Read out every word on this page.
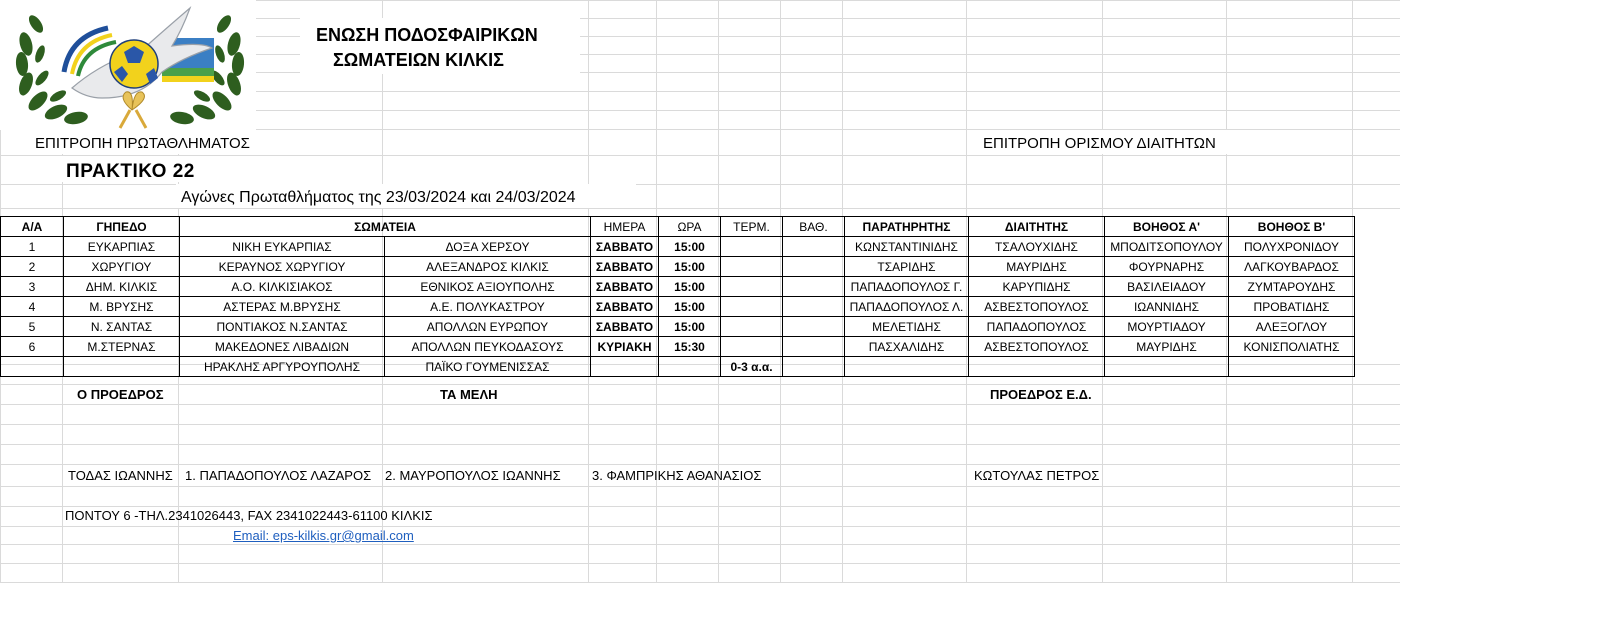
ΕΝΩΣΗ ΠΟΔΟΣΦΑΙΡΙΚΩΝ
ΣΩΜΑΤΕΙΩΝ ΚΙΛΚΙΣ
ΕΠΙΤΡΟΠΗ ΠΡΩΤΑΘΛΗΜΑΤΟΣ	ΕΠΙΤΡΟΠΗ ΟΡΙΣΜΟΥ ΔΙΑΙΤΗΤΩΝ
ΠΡΑΚΤΙΚΟ 22
Αγώνες Πρωταθλήματος της 23/03/2024 και 24/03/2024
Α/Α	ΓΗΠΕΔΟ	ΣΩΜΑΤΕΙΑ		ΗΜΕΡΑ	ΩΡΑ	ΤΕΡΜ.	ΒΑΘ.	ΠΑΡΑΤΗΡΗΤΗΣ	ΔΙΑΙΤΗΤΗΣ	ΒΟΗΘΟΣ Α'	ΒΟΗΘΟΣ Β'
1	ΕΥΚΑΡΠΙΑΣ	ΝΙΚΗ ΕΥΚΑΡΠΙΑΣ	ΔΟΞΑ ΧΕΡΣΟΥ	ΣΑΒΒΑΤΟ	15:00			ΚΩΝΣΤΑΝΤΙΝΙΔΗΣ	ΤΣΑΛΟΥΧΙΔΗΣ	ΜΠΟΔΙΤΣΟΠΟΥΛΟΥ	ΠΟΛΥΧΡΟΝΙΔΟΥ
2	ΧΩΡΥΓΙΟΥ	ΚΕΡΑΥΝΟΣ ΧΩΡΥΓΙΟΥ	ΑΛΕΞΑΝΔΡΟΣ ΚΙΛΚΙΣ	ΣΑΒΒΑΤΟ	15:00			ΤΣΑΡΙΔΗΣ	ΜΑΥΡΙΔΗΣ	ΦΟΥΡΝΑΡΗΣ	ΛΑΓΚΟΥΒΑΡΔΟΣ
3	ΔΗΜ. ΚΙΛΚΙΣ	Α.Ο. ΚΙΛΚΙΣΙΑΚΟΣ	ΕΘΝΙΚΟΣ ΑΞΙΟΥΠΟΛΗΣ	ΣΑΒΒΑΤΟ	15:00			ΠΑΠΑΔΟΠΟΥΛΟΣ Γ.	ΚΑΡΥΠΙΔΗΣ	ΒΑΣΙΛΕΙΑΔΟΥ	ΖΥΜΤΑΡΟΥΔΗΣ
4	Μ. ΒΡΥΣΗΣ	ΑΣΤΕΡΑΣ Μ.ΒΡΥΣΗΣ	Α.Ε. ΠΟΛΥΚΑΣΤΡΟΥ	ΣΑΒΒΑΤΟ	15:00			ΠΑΠΑΔΟΠΟΥΛΟΣ Λ.	ΑΣΒΕΣΤΟΠΟΥΛΟΣ	ΙΩΑΝΝΙΔΗΣ	ΠΡΟΒΑΤΙΔΗΣ
5	Ν. ΣΑΝΤΑΣ	ΠΟΝΤΙΑΚΟΣ Ν.ΣΑΝΤΑΣ	ΑΠΟΛΛΩΝ ΕΥΡΩΠΟΥ	ΣΑΒΒΑΤΟ	15:00			ΜΕΛΕΤΙΔΗΣ	ΠΑΠΑΔΟΠΟΥΛΟΣ	ΜΟΥΡΤΙΑΔΟΥ	ΑΛΕΞΟΓΛΟΥ
6	Μ.ΣΤΕΡΝΑΣ	ΜΑΚΕΔΟΝΕΣ ΛΙΒΑΔΙΩΝ	ΑΠΟΛΛΩΝ ΠΕΥΚΟΔΑΣΟΥΣ	ΚΥΡΙΑΚΗ	15:30			ΠΑΣΧΑΛΙΔΗΣ	ΑΣΒΕΣΤΟΠΟΥΛΟΣ	ΜΑΥΡΙΔΗΣ	ΚΟΝΙΣΠΟΛΙΑΤΗΣ
		ΗΡΑΚΛΗΣ ΑΡΓΥΡΟΥΠΟΛΗΣ	ΠΑΪΚΟ ΓΟΥΜΕΝΙΣΣΑΣ			0-3 α.α.					
Ο ΠΡΟΕΔΡΟΣ	ΤΑ ΜΕΛΗ	ΠΡΟΕΔΡΟΣ Ε.Δ.
ΤΟΔΑΣ ΙΩΑΝΝΗΣ 1. ΠΑΠΑΔΟΠΟΥΛΟΣ ΛΑΖΑΡΟΣ 2. ΜΑΥΡΟΠΟΥΛΟΣ ΙΩΑΝΝΗΣ 3. ΦΑΜΠΡΙΚΗΣ ΑΘΑΝΑΣΙΟΣ	ΚΩΤΟΥΛΑΣ ΠΕΤΡΟΣ
ΠΟΝΤΟΥ 6 -ΤΗΛ.2341026443, FAX 2341022443-61100 ΚΙΛΚΙΣ
Email: eps-kilkis.gr@gmail.com
